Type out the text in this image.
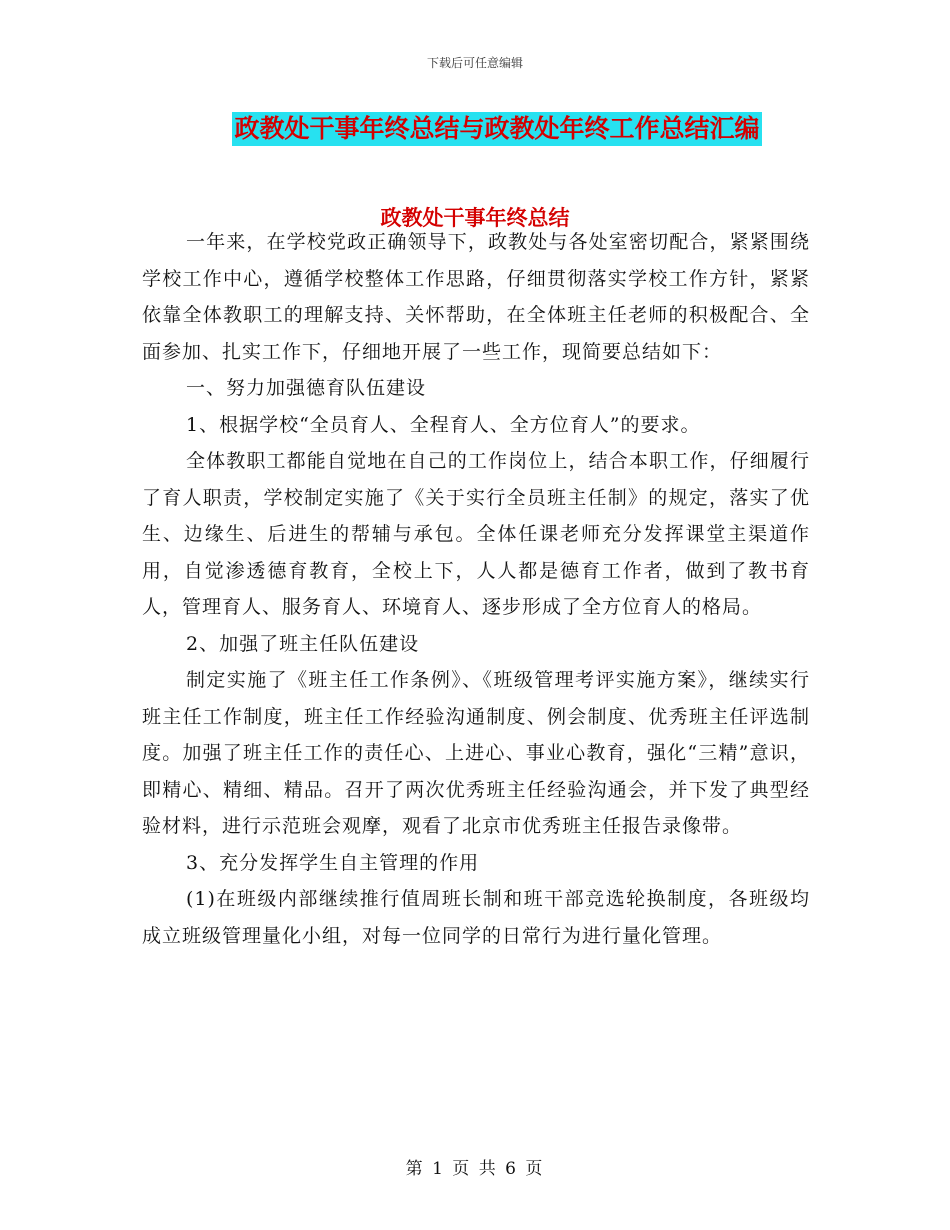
下载后可任意编辑
政教处干事年终总结与政教处年终工作总结汇编
政教处干事年终总结

一年来，在学校党政正确领导下，政教处与各处室密切配合，紧紧围绕学校工作中心，遵循学校整体工作思路，仔细贯彻落实学校工作方针，紧紧依靠全体教职工的理解支持、关怀帮助，在全体班主任老师的积极配合、全面参加、扎实工作下，仔细地开展了一些工作，现简要总结如下：

一、努力加强德育队伍建设

1、根据学校“全员育人、全程育人、全方位育人”的要求。

全体教职工都能自觉地在自己的工作岗位上，结合本职工作，仔细履行了育人职责，学校制定实施了《关于实行全员班主任制》的规定，落实了优生、边缘生、后进生的帮辅与承包。全体任课老师充分发挥课堂主渠道作用，自觉渗透德育教育，全校上下，人人都是德育工作者，做到了教书育人，管理育人、服务育人、环境育人、逐步形成了全方位育人的格局。

2、加强了班主任队伍建设

制定实施了《班主任工作条例》、《班级管理考评实施方案》，继续实行班主任工作制度，班主任工作经验沟通制度、例会制度、优秀班主任评选制度。加强了班主任工作的责任心、上进心、事业心教育，强化“三精”意识，即精心、精细、精品。召开了两次优秀班主任经验沟通会，并下发了典型经验材料，进行示范班会观摩，观看了北京市优秀班主任报告录像带。

3、充分发挥学生自主管理的作用

(1)在班级内部继续推行值周班长制和班干部竞选轮换制度，各班级均成立班级管理量化小组，对每一位同学的日常行为进行量化管理。

第 1 页 共 6 页
